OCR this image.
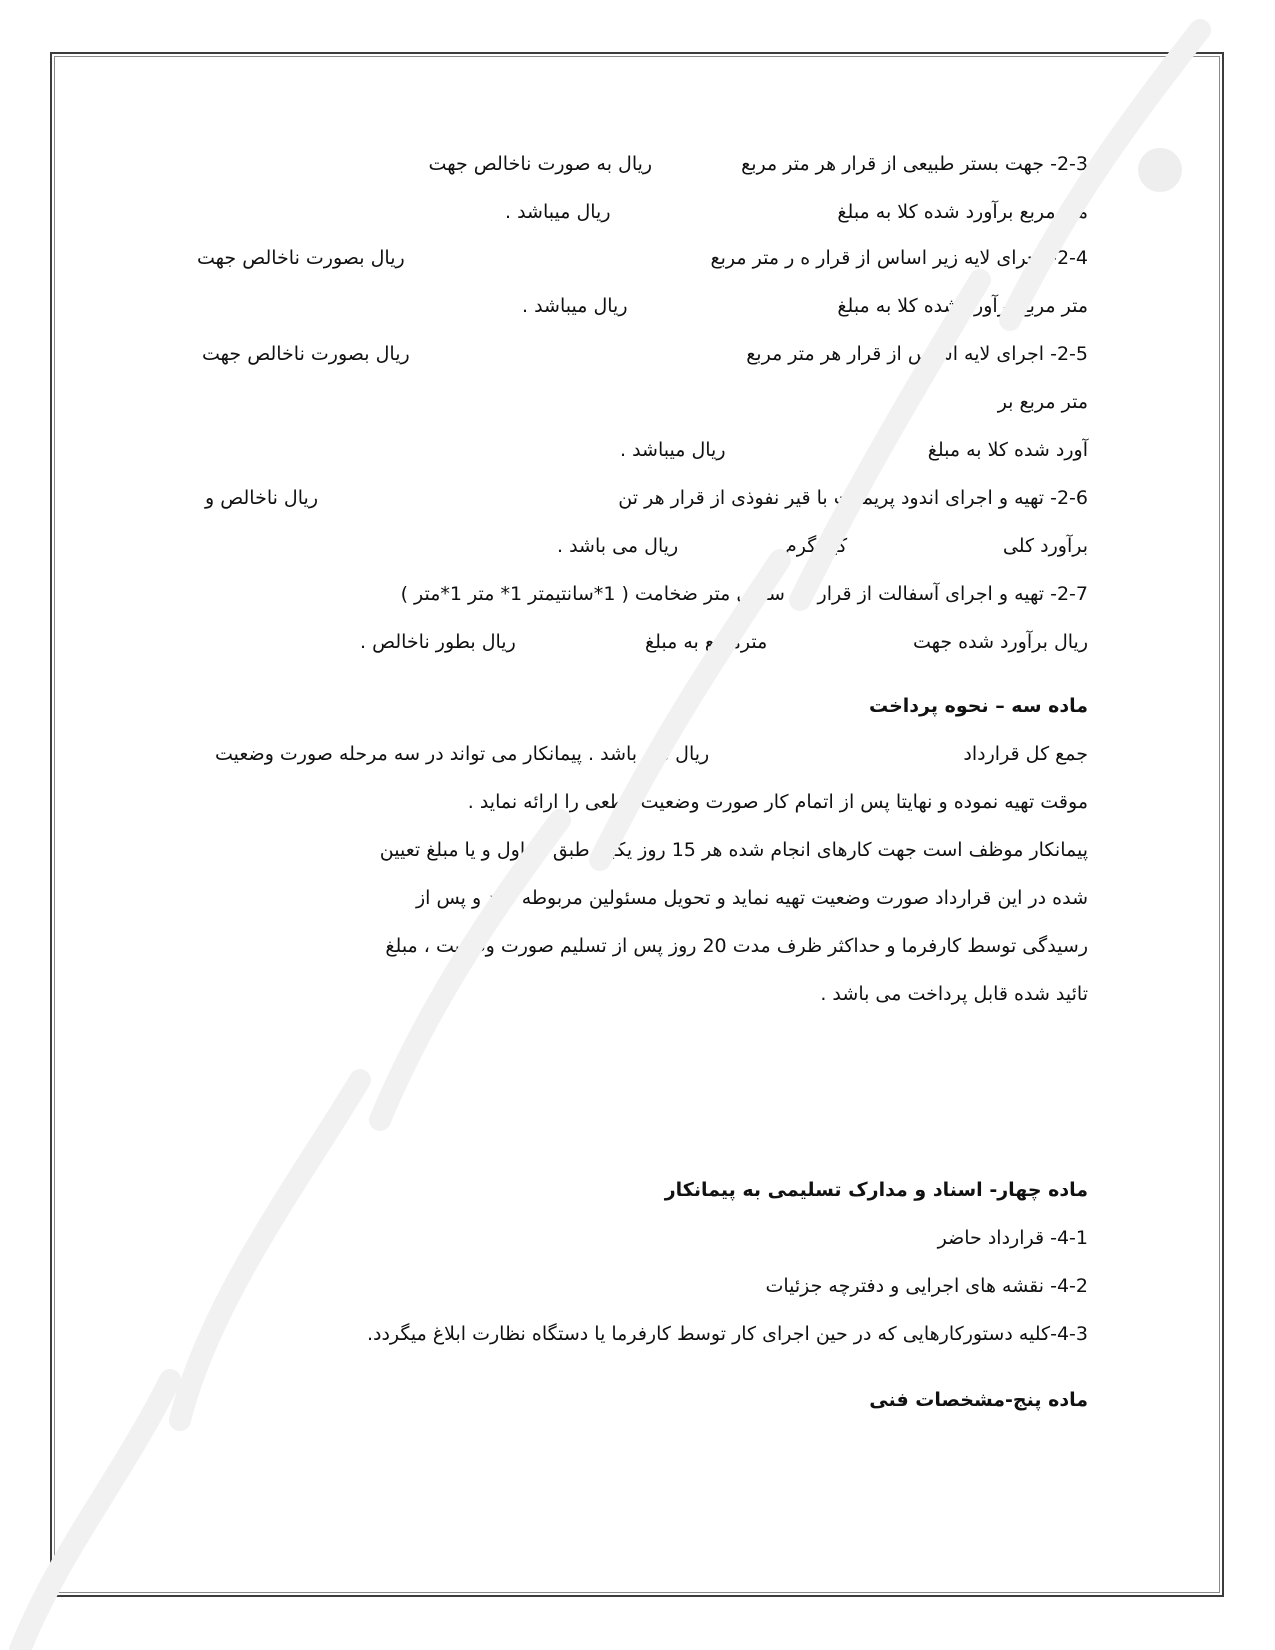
2-3- جهت بستر طبیعی از قرار هر متر مربع
ریال به صورت ناخالص جهت
متر مربع برآورد شده کلا به مبلغ
ریال میباشد .
2-4- اجرای لایه زیر اساس از قرار ه ر متر مربع
ریال بصورت ناخالص جهت
متر مربع برآورد شده کلا به مبلغ
ریال میباشد .
2-5- اجرای لایه اساس از قرار هر متر مربع
ریال بصورت ناخالص جهت
متر مربع بر
آورد شده کلا به مبلغ
ریال میباشد .
2-6- تهیه و اجرای اندود پریمکت با قیر نفوذی از قرار هر تن
ریال ناخالص و
برآورد کلی
کیلوگرم
ریال می باشد .
2-7- تهیه و اجرای آسفالت از قرار هر سانتی متر ضخامت ( 1*سانتیمتر 1* متر 1*متر )
ریال برآورد شده جهت
مترمربع به مبلغ
ریال بطور ناخالص .
ماده سه – نحوه پرداخت
جمع کل قرارداد
ریال می باشد . پیمانکار می تواند در سه مرحله صورت وضعیت
موقت تهیه نموده و نهایتا پس از اتمام کار صورت وضعیت قطعی را ارائه نماید .
پیمانکار موظف است جهت کارهای انجام شده هر 15 روز یکبار طبق جداول و یا مبلغ تعیین
شده در این قرارداد صورت وضعیت تهیه نماید و تحویل مسئولین مربوطه دهد و پس از
رسیدگی توسط کارفرما و حداکثر ظرف مدت 20 روز پس از تسلیم صورت وضعیت ، مبلغ
تائید شده قابل پرداخت می باشد .
ماده چهار- اسناد و مدارک تسلیمی به پیمانکار
4-1- قرارداد حاضر
4-2- نقشه های اجرایی و دفترچه جزئیات
4-3-کلیه دستورکارهایی که در حین اجرای کار توسط کارفرما یا دستگاه نظارت ابلاغ میگردد.
ماده پنج-مشخصات فنی
